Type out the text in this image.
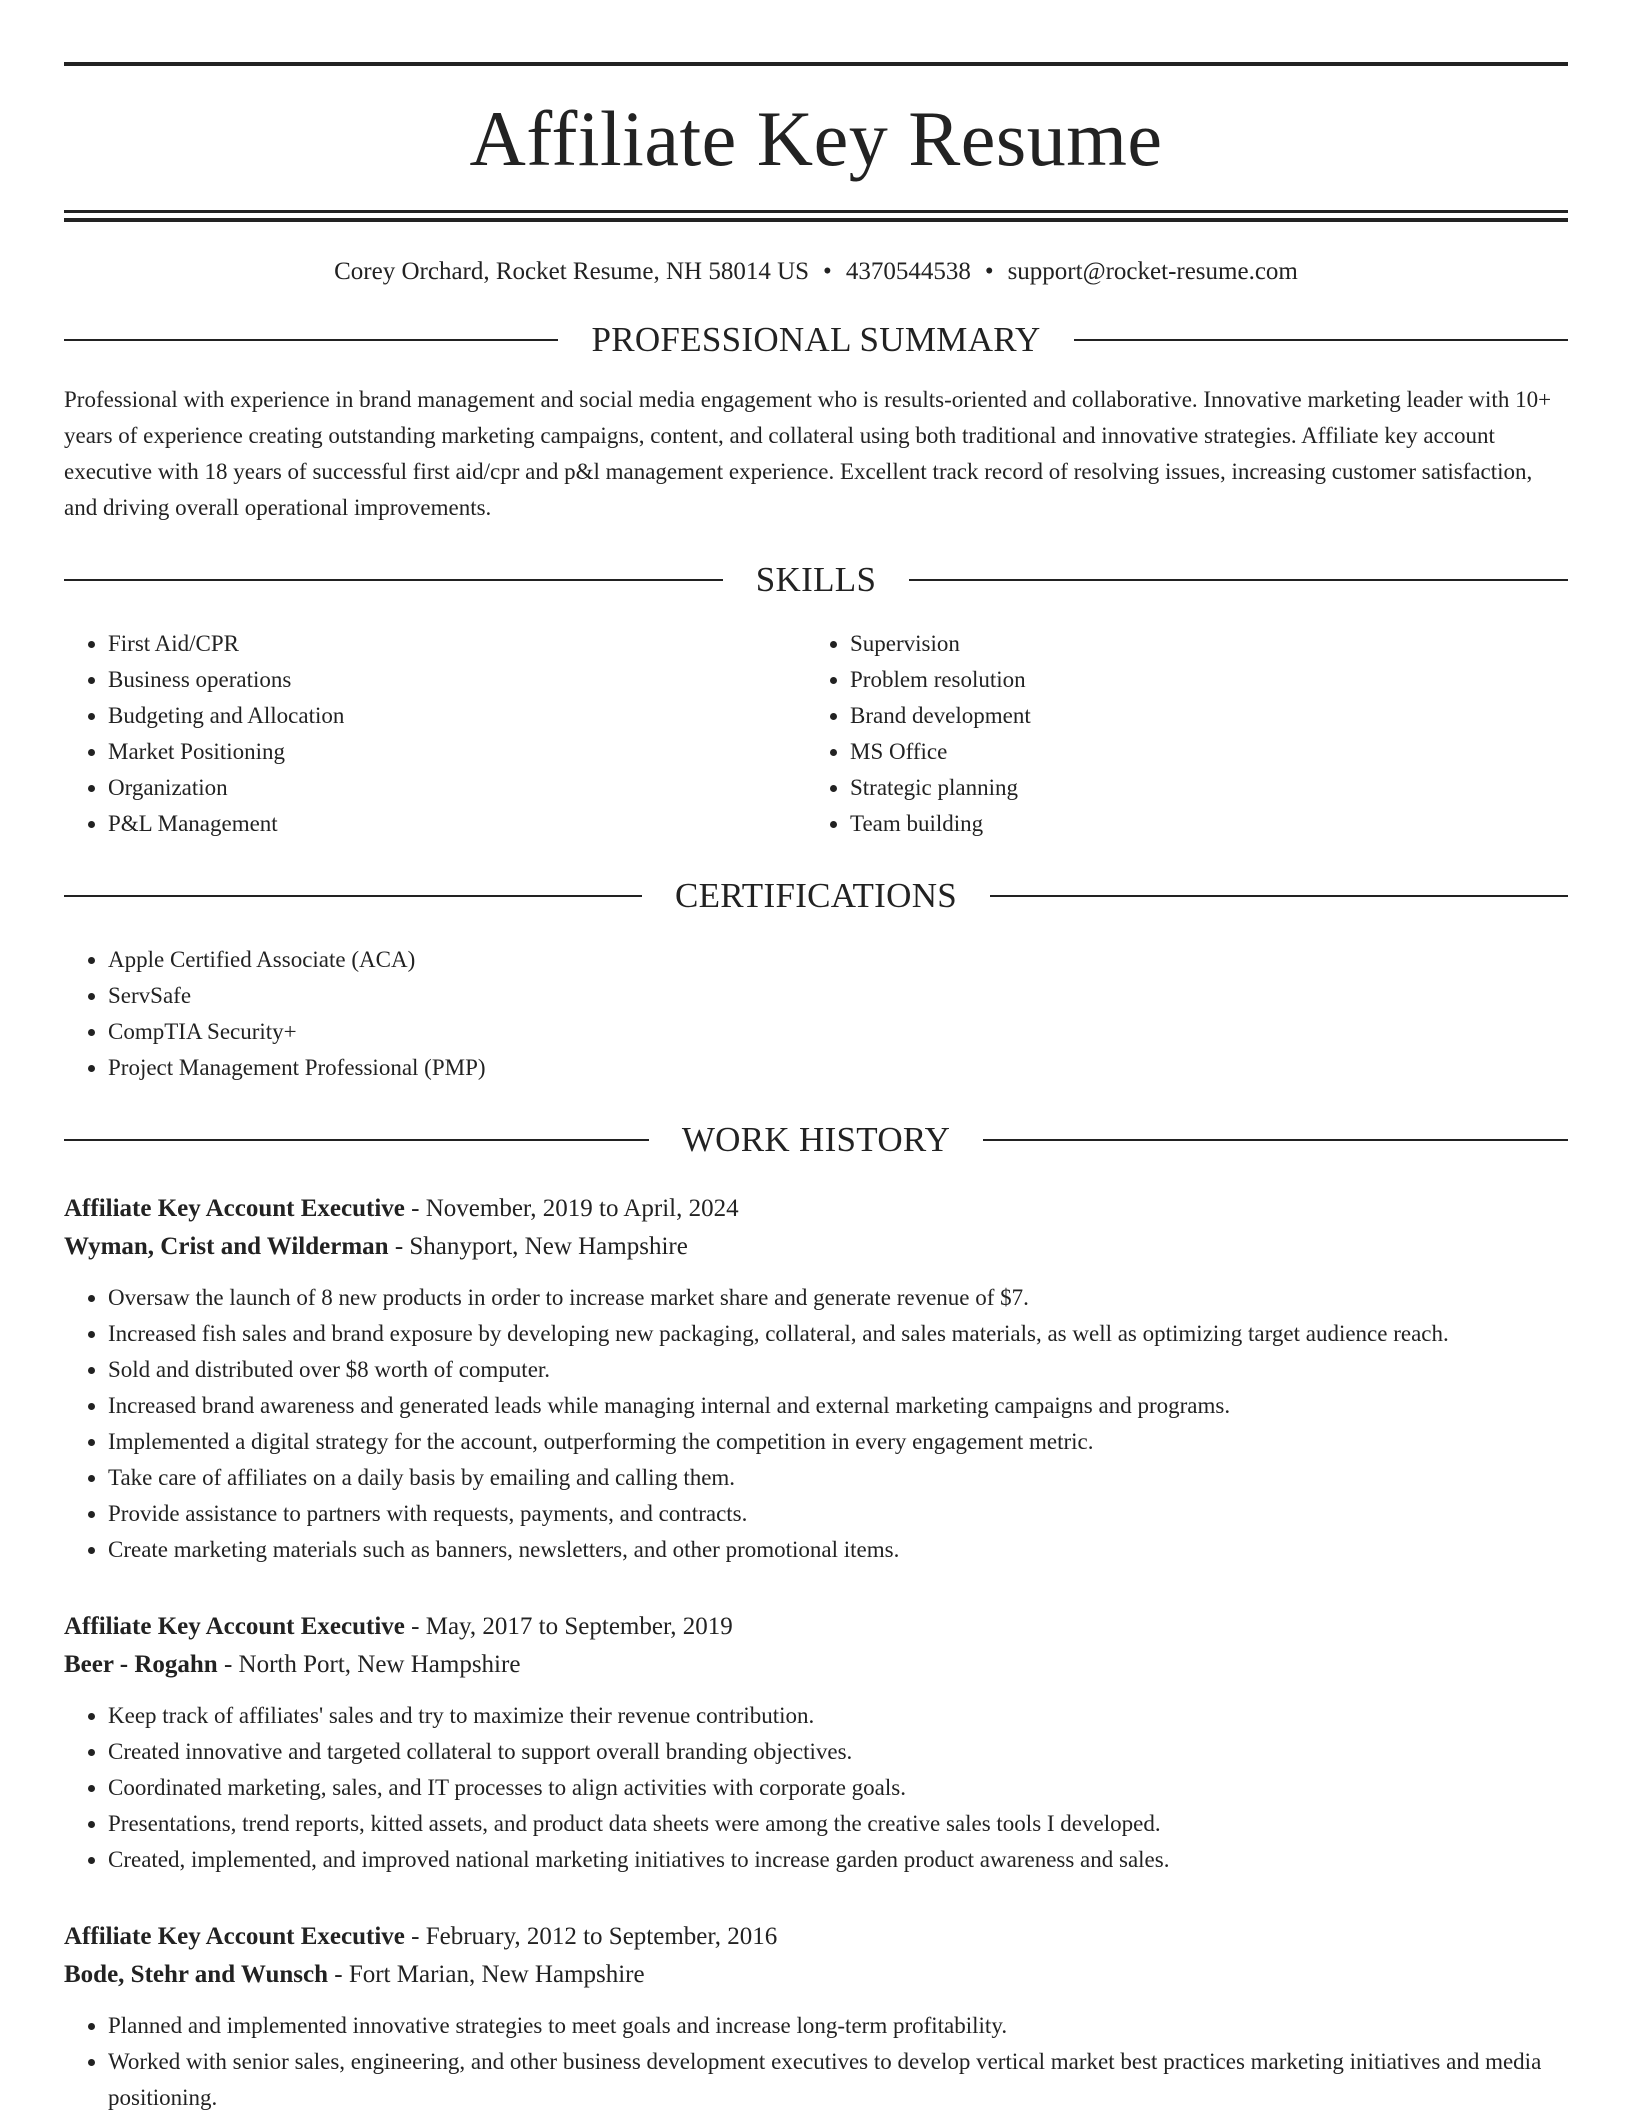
Affiliate Key Resume
Corey Orchard, Rocket Resume, NH 58014 US • 4370544538 • support@rocket-resume.com
PROFESSIONAL SUMMARY
Professional with experience in brand management and social media engagement who is results-oriented and collaborative. Innovative marketing leader with 10+ years of experience creating outstanding marketing campaigns, content, and collateral using both traditional and innovative strategies. Affiliate key account executive with 18 years of successful first aid/cpr and p&l management experience. Excellent track record of resolving issues, increasing customer satisfaction, and driving overall operational improvements.
SKILLS
• First Aid/CPR
• Business operations
• Budgeting and Allocation
• Market Positioning
• Organization
• P&L Management
• Supervision
• Problem resolution
• Brand development
• MS Office
• Strategic planning
• Team building
CERTIFICATIONS
• Apple Certified Associate (ACA)
• ServSafe
• CompTIA Security+
• Project Management Professional (PMP)
WORK HISTORY
Affiliate Key Account Executive - November, 2019 to April, 2024
Wyman, Crist and Wilderman - Shanyport, New Hampshire
• Oversaw the launch of 8 new products in order to increase market share and generate revenue of $7.
• Increased fish sales and brand exposure by developing new packaging, collateral, and sales materials, as well as optimizing target audience reach.
• Sold and distributed over $8 worth of computer.
• Increased brand awareness and generated leads while managing internal and external marketing campaigns and programs.
• Implemented a digital strategy for the account, outperforming the competition in every engagement metric.
• Take care of affiliates on a daily basis by emailing and calling them.
• Provide assistance to partners with requests, payments, and contracts.
• Create marketing materials such as banners, newsletters, and other promotional items.
Affiliate Key Account Executive - May, 2017 to September, 2019
Beer - Rogahn - North Port, New Hampshire
• Keep track of affiliates' sales and try to maximize their revenue contribution.
• Created innovative and targeted collateral to support overall branding objectives.
• Coordinated marketing, sales, and IT processes to align activities with corporate goals.
• Presentations, trend reports, kitted assets, and product data sheets were among the creative sales tools I developed.
• Created, implemented, and improved national marketing initiatives to increase garden product awareness and sales.
Affiliate Key Account Executive - February, 2012 to September, 2016
Bode, Stehr and Wunsch - Fort Marian, New Hampshire
• Planned and implemented innovative strategies to meet goals and increase long-term profitability.
• Worked with senior sales, engineering, and other business development executives to develop vertical market best practices marketing initiatives and media positioning.
